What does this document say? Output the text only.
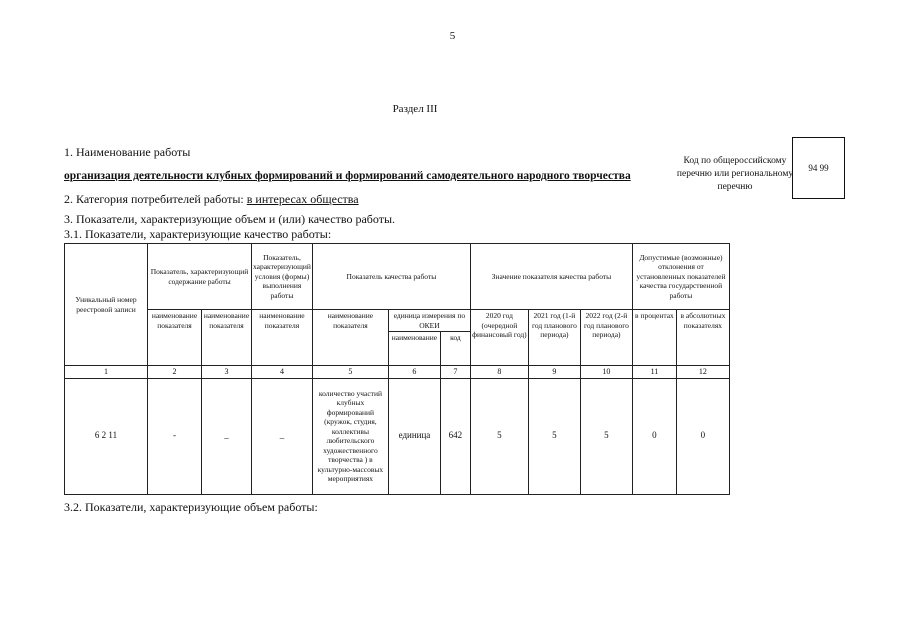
5
Раздел III
1. Наименование работы
организация деятельности клубных формирований и формирований самодеятельного народного творчества
Код по общероссийскому перечню или региональному перечню
94 99
2. Категория потребителей работы: в интересах общества
3. Показатели, характеризующие объем и (или) качество работы.
3.1. Показатели, характеризующие качество работы:
Уникальный номер реестровой записи	Показатель, характеризующий содержание работы		Показатель, характеризующий условия (формы) выполнения работы	Показатель качества работы			Значение показателя качества работы			Допустимые (возможные) отклонения от установленных показателей качества государственной работы	
	наименование показателя	наименование показателя	наименование показателя	наименование показателя	единица измерения по ОКЕИ		2020 год (очередной финансовый год)	2021 год (1-й год планового периода)	2022 год (2-й год планового периода)	в процентах	в абсолютных показателях
					наименование	код					
1	2	3	4	5	6	7	8	9	10	11	12
6 2 11	-	_	_	количество участий клубных формирований (кружок, студия, коллективы любительского художественного творчества ) в культурно-массовых мероприятиях	единица	642	5	5	5	0	0
3.2. Показатели, характеризующие объем работы:
